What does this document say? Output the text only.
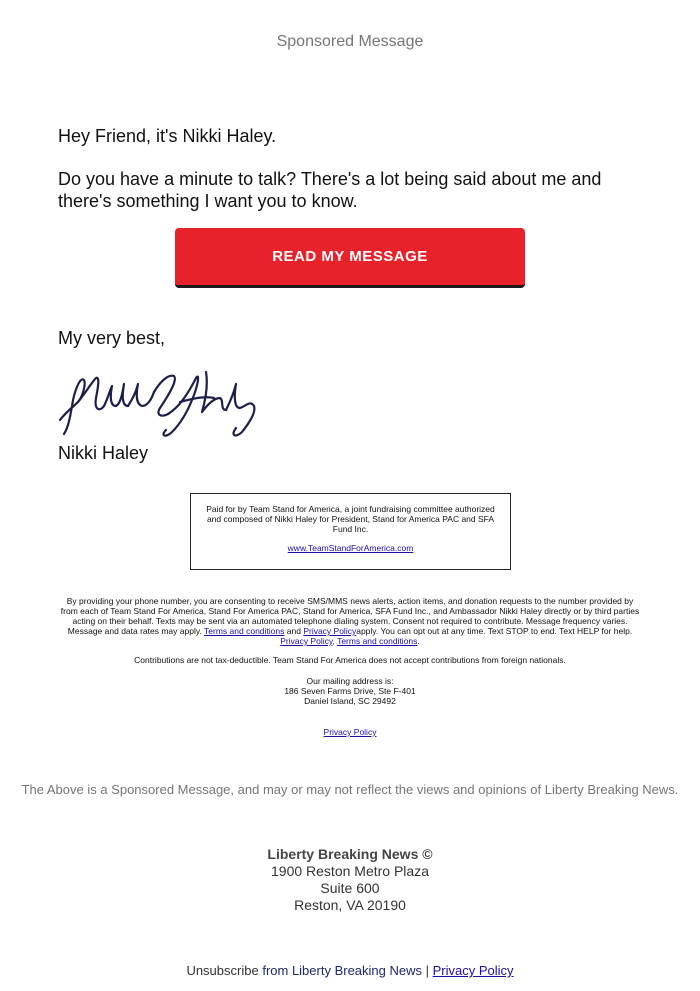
Sponsored Message
Hey Friend, it's Nikki Haley.
Do you have a minute to talk? There's a lot being said about me and there's something I want you to know.
READ MY MESSAGE
My very best,
Nikki R. Haley
Nikki Haley
Paid for by Team Stand for America, a joint fundraising committee authorized and composed of Nikki Haley for President, Stand for America PAC and SFA Fund Inc.
www.TeamStandForAmerica.com
By providing your phone number, you are consenting to receive SMS/MMS news alerts, action items, and donation requests to the number provided by from each of Team Stand For America, Stand For America PAC, Stand for America, SFA Fund Inc., and Ambassador Nikki Haley directly or by third parties acting on their behalf. Texts may be sent via an automated telephone dialing system. Consent not required to contribute. Message frequency varies. Message and data rates may apply. Terms and conditions and Privacy Policyapply. You can opt out at any time. Text STOP to end. Text HELP for help. Privacy Policy, Terms and conditions.
Contributions are not tax-deductible. Team Stand For America does not accept contributions from foreign nationals.
Our mailing address is:
186 Seven Farms Drive, Ste F-401
Daniel Island, SC 29492
Privacy Policy
The Above is a Sponsored Message, and may or may not reflect the views and opinions of Liberty Breaking News.
Liberty Breaking News ©
1900 Reston Metro Plaza
Suite 600
Reston, VA 20190
Unsubscribe from Liberty Breaking News | Privacy Policy
